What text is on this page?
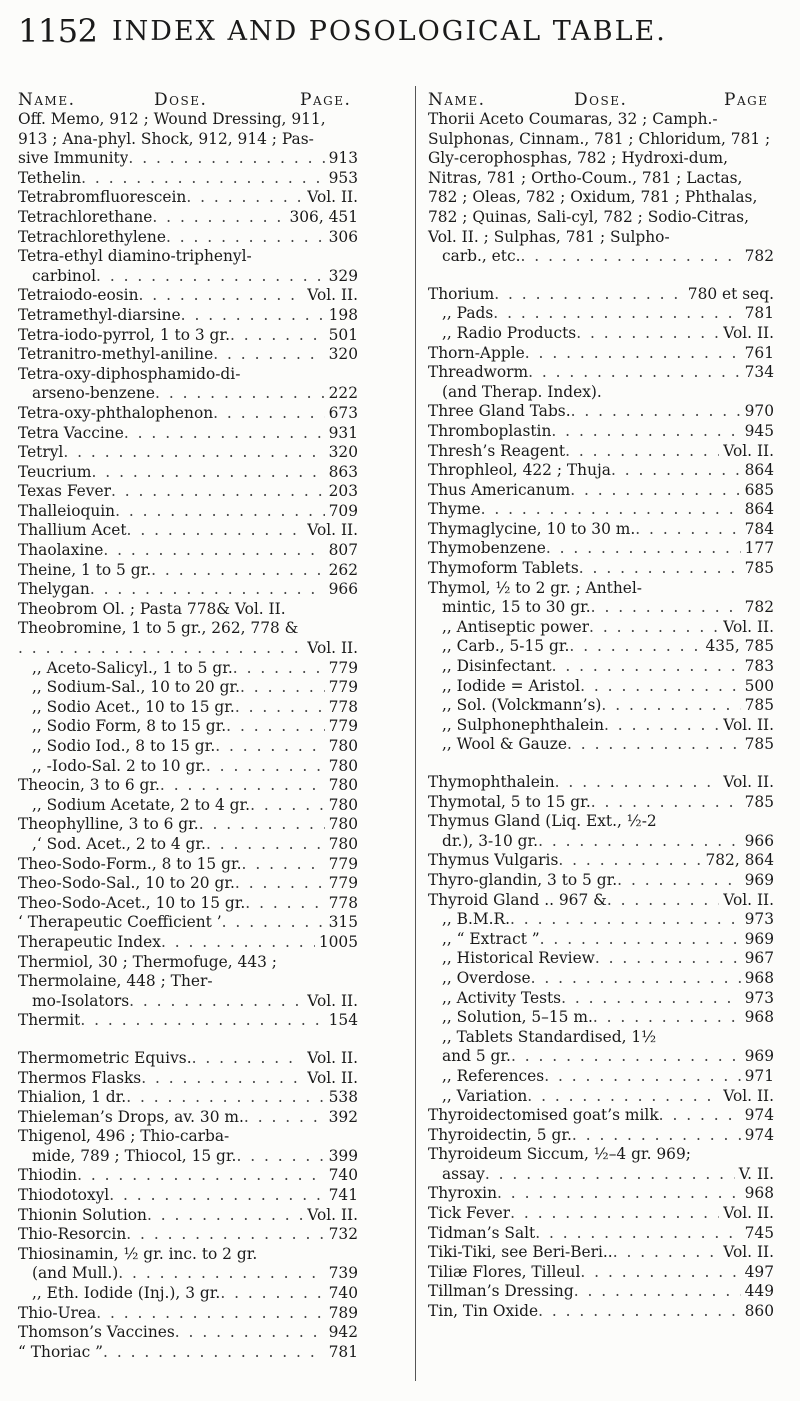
1152 INDEX AND POSOLOGICAL TABLE.
Name.	Dose.	Page.	Name.	Dose.	Page
Off. Memo, 912 ; Wound Dressing, 911, 913 ; Ana-phyl. Shock, 912, 914 ; Pas-
sive Immunity . . .	913
Tethelin . . .	953
Tetrabromfluorescein . . .	Vol. II.
Tetrachlorethane . . .	306, 451
Tetrachlorethylene . . .	306
Tetra-ethyl diamino-triphenyl-
carbinol . . .	329
Tetraiodo-eosin . . .	Vol. II.
Tetramethyl-diarsine . . .	198
Tetra-iodo-pyrrol, 1 to 3 gr. . . .	501
Tetranitro-methyl-aniline . . .	320
Tetra-oxy-diphosphamido-di-
arseno-benzene . . .	222
Tetra-oxy-phthalophenon . . .	673
Tetra Vaccine . . .	931
Tetryl . . .	320
Teucrium . . .	863
Texas Fever . . .	203
Thalleioquin . . .	709
Thallium Acet . . .	Vol. II.
Thaolaxine . . .	807
Theine, 1 to 5 gr. . . .	262
Thelygan . . .	966
Theobrom Ol. ; Pasta 778& Vol. II.
Theobromine, 1 to 5 gr., 262, 778 &
. . .
Vol. II.
,, Aceto-Salicyl., 1 to 5 gr. . . .	779
,, Sodium-Sal., 10 to 20 gr. . . .	779
,, Sodio Acet., 10 to 15 gr. . . .	778
,, Sodio Form, 8 to 15 gr. . . .	779
,, Sodio Iod., 8 to 15 gr. . . .	780
,, -Iodo-Sal. 2 to 10 gr. . . .	780
Theocin, 3 to 6 gr. . . .	780
,, Sodium Acetate, 2 to 4 gr. . . .	780
Theophylline, 3 to 6 gr. . . .	780
,‘ Sod. Acet., 2 to 4 gr. . . .	780
Theo-Sodo-Form., 8 to 15 gr. . . .	779
Theo-Sodo-Sal., 10 to 20 gr. . . .	779
Theo-Sodo-Acet., 10 to 15 gr. . . .	778
‘ Therapeutic Coefficient ’ . . .	315
Therapeutic Index . . .	1005
Thermiol, 30 ; Thermofuge, 443 ; Thermolaine, 448 ; Ther-
mo-Isolators . . .	Vol. II.
Thermit . . .	154
Thermometric Equivs. . . .	Vol. II.
Thermos Flasks . . .	Vol. II.
Thialion, 1 dr. . . .	538
Thieleman’s Drops, av. 30 m. . . .	392
Thigenol, 496 ; Thio-carba-
mide, 789 ; Thiocol, 15 gr. . . .	399
Thiodin . . .	740
Thiodotoxyl . . .	741
Thionin Solution . . .	Vol. II.
Thio-Resorcin . . .	732
Thiosinamin, ½ gr. inc. to 2 gr.
(and Mull.) . . .	739
,, Eth. Iodide (Inj.), 3 gr. . . .	740
Thio-Urea . . .	789
Thomson’s Vaccines . . .	942
“ Thoriac ” . . .	781
Thorii Aceto Coumaras, 32 ; Camph.-Sulphonas, Cinnam., 781 ; Chloridum, 781 ; Gly-cerophosphas, 782 ; Hydroxi-dum, Nitras, 781 ; Ortho-Coum., 781 ; Lactas, 782 ; Oleas, 782 ; Oxidum, 781 ; Phthalas, 782 ; Quinas, Sali-cyl, 782 ; Sodio-Citras, Vol. II. ; Sulphas, 781 ; Sulpho-
carb., etc. . . .	782
Thorium . . .	780 et seq.
,, Pads . . .	781
,, Radio Products . . .	Vol. II.
Thorn-Apple . . .	761
Threadworm . . .	734
(and Therap. Index).
Three Gland Tabs. . . .	970
Thromboplastin . . .	945
Thresh’s Reagent . . .	Vol. II.
Throphleol, 422 ; Thuja . . .	864
Thus Americanum . . .	685
Thyme . . .	864
Thymaglycine, 10 to 30 m. . . .	784
Thymobenzene . . .	177
Thymoform Tablets . . .	785
Thymol, ½ to 2 gr. ; Anthel-
mintic, 15 to 30 gr. . . .	782
,, Antiseptic power . . .	Vol. II.
,, Carb., 5-15 gr. . . .	435, 785
,, Disinfectant . . .	783
,, Iodide = Aristol . . .	500
,, Sol. (Volckmann’s) . . .	785
,, Sulphonephthalein . . .	Vol. II.
,, Wool & Gauze . . .	785
Thymophthalein . . .	Vol. II.
Thymotal, 5 to 15 gr. . . .	785
Thymus Gland (Liq. Ext., ½-2
dr.), 3-10 gr. . . .	966
Thymus Vulgaris . . .	782, 864
Thyro-glandin, 3 to 5 gr. . . .	969
Thyroid Gland .. 967 & . . .	Vol. II.
,, B.M.R. . . .	973
,, “ Extract ” . . .	969
,, Historical Review . . .	967
,, Overdose . . .	968
,, Activity Tests . . .	973
,, Solution, 5–15 m. . . .	968
,, Tablets Standardised, 1½
and 5 gr. . . .	969
,, References . . .	971
,, Variation . . .	Vol. II.
Thyroidectomised goat’s milk . . .	974
Thyroidectin, 5 gr. . . .	974
Thyroideum Siccum, ½–4 gr. 969;
assay . . .	V. II.
Thyroxin . . .	968
Tick Fever . . .	Vol. II.
Tidman’s Salt . . .	745
Tiki-Tiki, see Beri-Beri.. . . .	Vol. II.
Tiliæ Flores, Tilleul . . .	497
Tillman’s Dressing . . .	449
Tin, Tin Oxide . . .	860
